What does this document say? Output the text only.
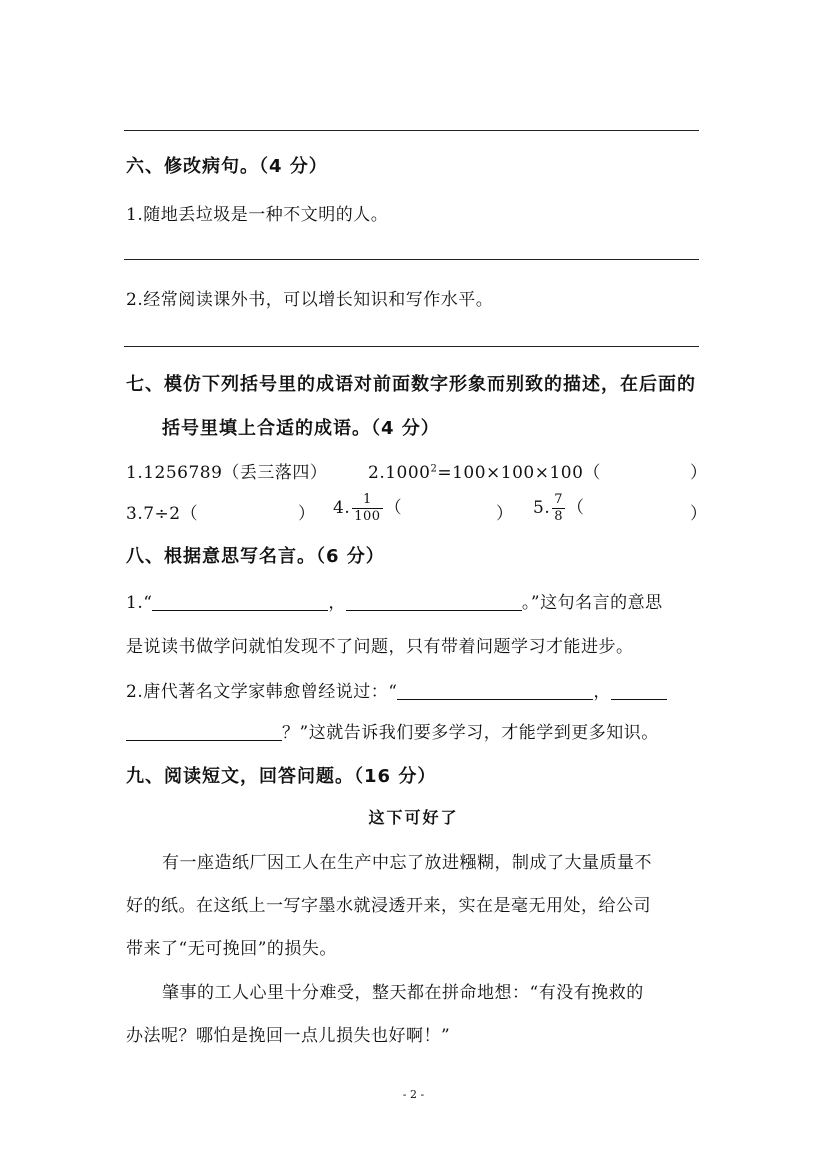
六、修改病句。（4 分）
1.随地丢垃圾是一种不文明的人。
2.经常阅读课外书，可以增长知识和写作水平。
七、模仿下列括号里的成语对前面数字形象而别致的描述，在后面的
括号里填上合适的成语。（4 分）
1.1256789（丢三落四） $2.1000^2=100\times 100\times 100$（	）
3.7÷2（	） 4. $\frac{1}{100}$ （	） 5. $\frac{7}{8}$ （	）
八、根据意思写名言。（6 分）
1.“	，	。”这句名言的意思
是说读书做学问就怕发现不了问题，只有带着问题学习才能进步。
2.唐代著名文学家韩愈曾经说过：“	，
？”这就告诉我们要多学习，才能学到更多知识。
九、阅读短文，回答问题。（16 分）
这下可好了
有一座造纸厂因工人在生产中忘了放进糨糊，制成了大量质量不
好的纸。在这纸上一写字墨水就浸透开来，实在是毫无用处，给公司
带来了“无可挽回”的损失。
肇事的工人心里十分难受，整天都在拼命地想：“有没有挽救的
办法呢？哪怕是挽回一点儿损失也好啊！”
- 2 -
